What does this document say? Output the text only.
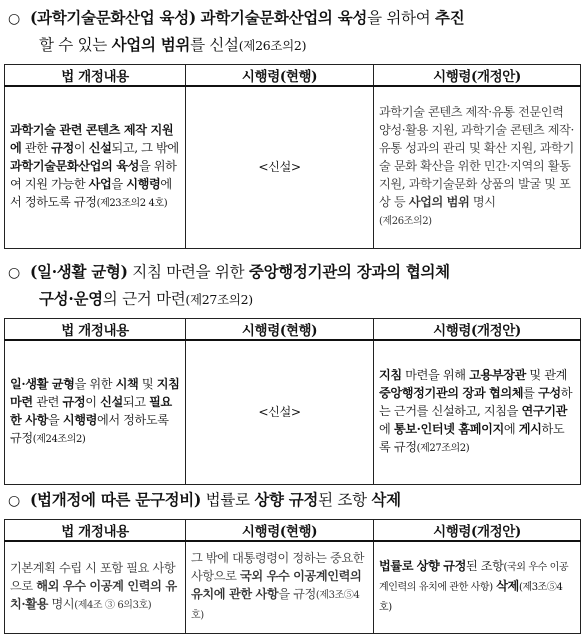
○ (과학기술문화산업 육성) 과학기술문화산업의 육성을 위하여 추진
할 수 있는 사업의 범위를 신설(제26조의2)
법 개정내용	시행령(현행)	시행령(개정안)
과학기술 관련 콘텐츠 제작 지원에 관한 규정이 신설되고, 그 밖에 과학기술문화산업의 육성을 위하여 지원 가능한 사업을 시행령에서 정하도록 규정(제23조의2 4호)	<신설>	과학기술 콘텐츠 제작·유통 전문인력 양성·활용 지원, 과학기술 콘텐츠 제작·유통 성과의 관리 및 확산 지원, 과학기술 문화 확산을 위한 민간·지역의 활동 지원, 과학기술문화 상품의 발굴 및 포상 등 사업의 범위 명시
(제26조의2)
○ (일·생활 균형) 지침 마련을 위한 중앙행정기관의 장과의 협의체
구성·운영의 근거 마련(제27조의2)
법 개정내용	시행령(현행)	시행령(개정안)
일·생활 균형을 위한 시책 및 지침 마련 관련 규정이 신설되고 필요한 사항을 시행령에서 정하도록 규정(제24조의2)	<신설>	지침 마련을 위해 고용부장관 및 관계 중앙행정기관의 장과 협의체를 구성하는 근거를 신설하고, 지침을 연구기관에 통보·인터넷 홈페이지에 게시하도록 규정(제27조의2)
○ (법개정에 따른 문구정비) 법률로 상향 규정된 조항 삭제
법 개정내용	시행령(현행)	시행령(개정안)
기본계획 수립 시 포함 필요 사항으로 해외 우수 이공계 인력의 유치·활용 명시(제4조 ③ 6의3호)	그 밖에 대통령령이 정하는 중요한 사항으로 국외 우수 이공계인력의 유치에 관한 사항을 규정(제3조⑤4호)	법률로 상향 규정된 조항(국외 우수 이공계인력의 유치에 관한 사항) 삭제(제3조⑤4호)
